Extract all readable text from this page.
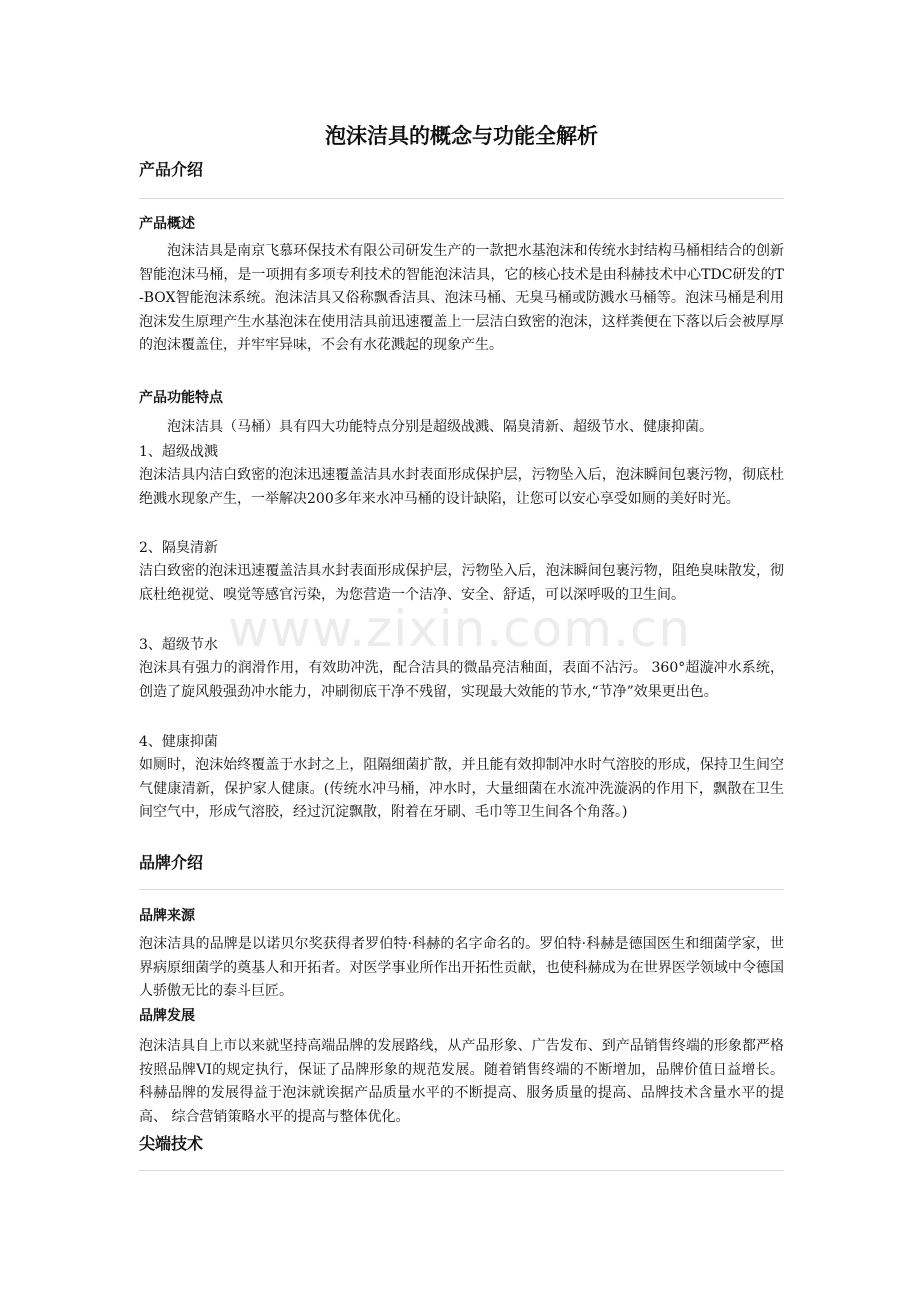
泡沫洁具的概念与功能全解析
产品介绍
产品概述

泡沫洁具是南京飞慕环保技术有限公司研发生产的一款把水基泡沫和传统水封结构马桶相结合的创新智能泡沫马桶，是一项拥有多项专利技术的智能泡沫洁具，它的核心技术是由科赫技术中心TDC研发的T-BOX智能泡沫系统。泡沫洁具又俗称飘香洁具、泡沫马桶、无臭马桶或防溅水马桶等。泡沫马桶是利用泡沫发生原理产生水基泡沫在使用洁具前迅速覆盖上一层洁白致密的泡沫，这样粪便在下落以后会被厚厚的泡沫覆盖住，并牢牢异味，不会有水花溅起的现象产生。

产品功能特点

泡沫洁具（马桶）具有四大功能特点分别是超级战溅、隔臭清新、超级节水、健康抑菌。

1、超级战溅

泡沫洁具内洁白致密的泡沫迅速覆盖洁具水封表面形成保护层，污物坠入后，泡沫瞬间包裹污物，彻底杜绝溅水现象产生，一举解决200多年来水冲马桶的设计缺陷，让您可以安心享受如厕的美好时光。

2、隔臭清新

洁白致密的泡沫迅速覆盖洁具水封表面形成保护层，污物坠入后，泡沫瞬间包裹污物，阻绝臭味散发，彻底杜绝视觉、嗅觉等感官污染，为您营造一个洁净、安全、舒适，可以深呼吸的卫生间。

3、超级节水

泡沫具有强力的润滑作用，有效助冲洗，配合洁具的微晶亮洁釉面，表面不沾污。 360°超漩冲水系统，创造了旋风般强劲冲水能力，冲刷彻底干净不残留，实现最大效能的节水,“节净”效果更出色。

4、健康抑菌

如厕时，泡沫始终覆盖于水封之上，阻隔细菌扩散，并且能有效抑制冲水时气溶胶的形成，保持卫生间空气健康清新，保护家人健康。(传统水冲马桶，冲水时，大量细菌在水流冲洗漩涡的作用下，飘散在卫生间空气中，形成气溶胶，经过沉淀飘散，附着在牙刷、毛巾等卫生间各个角落。)

品牌介绍
品牌来源

泡沫洁具的品牌是以诺贝尔奖获得者罗伯特·科赫的名字命名的。罗伯特·科赫是德国医生和细菌学家，世界病原细菌学的奠基人和开拓者。对医学事业所作出开拓性贡献，也使科赫成为在世界医学领域中令德国人骄傲无比的泰斗巨匠。

品牌发展

泡沫洁具自上市以来就坚持高端品牌的发展路线，从产品形象、广告发布、到产品销售终端的形象都严格按照品牌VI的规定执行，保证了品牌形象的规范发展。随着销售终端的不断增加，品牌价值日益增长。科赫品牌的发展得益于泡沫就诶据产品质量水平的不断提高、服务质量的提高、品牌技术含量水平的提高、 综合营销策略水平的提高与整体优化。

尖端技术
www.zixin.com.cn
